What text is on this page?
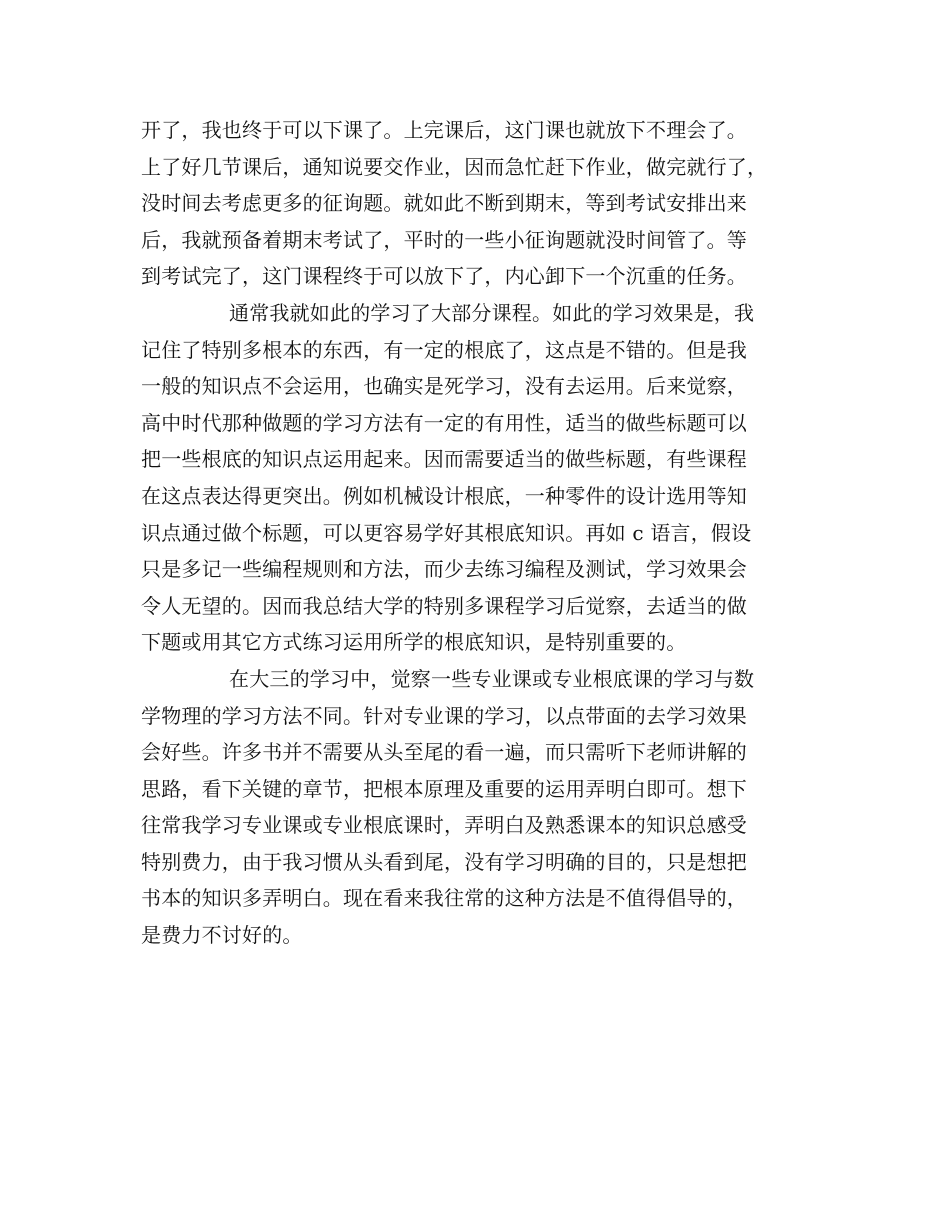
开了，我也终于可以下课了。上完课后，这门课也就放下不理会了。
上了好几节课后，通知说要交作业，因而急忙赶下作业，做完就行了，
没时间去考虑更多的征询题。就如此不断到期末，等到考试安排出来
后，我就预备着期末考试了，平时的一些小征询题就没时间管了。等
到考试完了，这门课程终于可以放下了，内心卸下一个沉重的任务。
通常我就如此的学习了大部分课程。如此的学习效果是，我
记住了特别多根本的东西，有一定的根底了，这点是不错的。但是我
一般的知识点不会运用，也确实是死学习，没有去运用。后来觉察，
高中时代那种做题的学习方法有一定的有用性，适当的做些标题可以
把一些根底的知识点运用起来。因而需要适当的做些标题，有些课程
在这点表达得更突出。例如机械设计根底，一种零件的设计选用等知
识点通过做个标题，可以更容易学好其根底知识。再如 c 语言，假设
只是多记一些编程规则和方法，而少去练习编程及测试，学习效果会
令人无望的。因而我总结大学的特别多课程学习后觉察，去适当的做
下题或用其它方式练习运用所学的根底知识，是特别重要的。
在大三的学习中，觉察一些专业课或专业根底课的学习与数
学物理的学习方法不同。针对专业课的学习，以点带面的去学习效果
会好些。许多书并不需要从头至尾的看一遍，而只需听下老师讲解的
思路，看下关键的章节，把根本原理及重要的运用弄明白即可。想下
往常我学习专业课或专业根底课时，弄明白及熟悉课本的知识总感受
特别费力，由于我习惯从头看到尾，没有学习明确的目的，只是想把
书本的知识多弄明白。现在看来我往常的这种方法是不值得倡导的，
是费力不讨好的。
